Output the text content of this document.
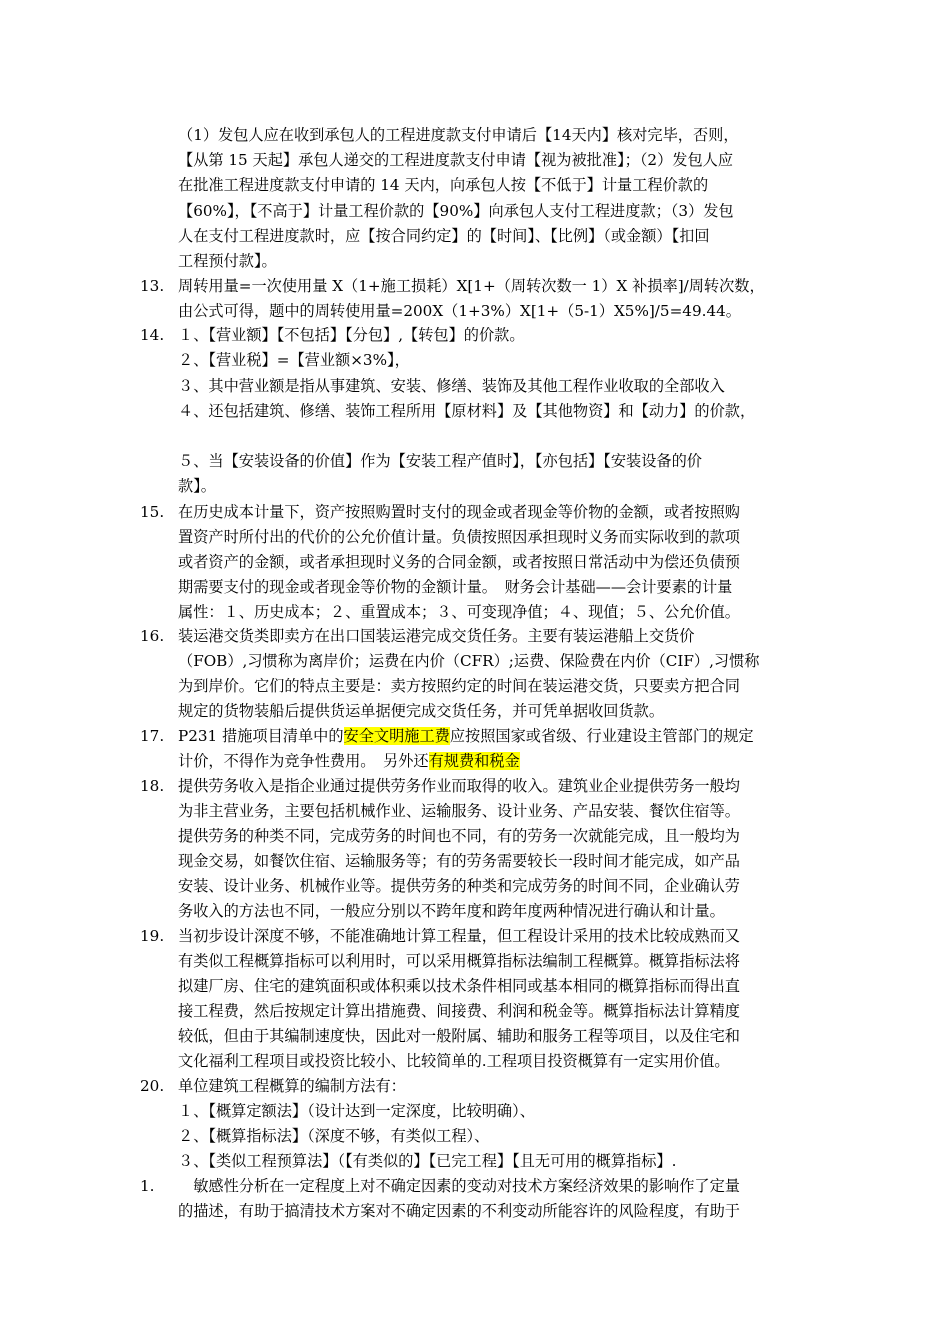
（1）发包人应在收到承包人的工程进度款支付申请后【14天内】核对完毕，否则，
【从第 15 天起】承包人递交的工程进度款支付申请【视为被批准】；（2）发包人应
在批准工程进度款支付申请的 14 天内，向承包人按【不低于】计量工程价款的
【60%】，【不高于】计量工程价款的【90%】向承包人支付工程进度款；（3）发包
人在支付工程进度款时，应【按合同约定】的【时间】、【比例】（或金额）【扣回
工程预付款】。
13. 周转用量=一次使用量 X（1+施工损耗）X[1+（周转次数一 1）X 补损率]/周转次数，
由公式可得，题中的周转使用量=200X（1+3%）X[1+（5-1）X5%]/5=49.44。
14. １、【营业额】【不包括】【分包】,【转包】的价款。
２、【营业税】=【营业额×3%】，
３、其中营业额是指从事建筑、安装、修缮、装饰及其他工程作业收取的全部收入
４、还包括建筑、修缮、装饰工程所用【原材料】及【其他物资】和【动力】的价款，
５、当【安装设备的价值】作为【安装工程产值时】，【亦包括】【安装设备的价
款】。
15. 在历史成本计量下，资产按照购置时支付的现金或者现金等价物的金额，或者按照购
置资产时所付出的代价的公允价值计量。负债按照因承担现时义务而实际收到的款项
或者资产的金额，或者承担现时义务的合同金额，或者按照日常活动中为偿还负债预
期需要支付的现金或者现金等价物的金额计量。　财务会计基础——会计要素的计量
属性：１、历史成本；２、重置成本；３、可变现净值；４、现值；５、公允价值。
16. 装运港交货类即卖方在出口国装运港完成交货任务。主要有装运港船上交货价
（FOB）,习惯称为离岸价；运费在内价（CFR）;运费、保险费在内价（CIF）,习惯称
为到岸价。它们的特点主要是：卖方按照约定的时间在装运港交货，只要卖方把合同
规定的货物装船后提供货运单据便完成交货任务，并可凭单据收回货款。
17. P231 措施项目清单中的安全文明施工费应按照国家或省级、行业建设主管部门的规定
计价，不得作为竞争性费用。　另外还有规费和税金
18. 提供劳务收入是指企业通过提供劳务作业而取得的收入。建筑业企业提供劳务一般均
为非主营业务，主要包括机械作业、运输服务、设计业务、产品安装、餐饮住宿等。
提供劳务的种类不同，完成劳务的时间也不同，有的劳务一次就能完成，且一般均为
现金交易，如餐饮住宿、运输服务等；有的劳务需要较长一段时间才能完成，如产品
安装、设计业务、机械作业等。提供劳务的种类和完成劳务的时间不同，企业确认劳
务收入的方法也不同，一般应分别以不跨年度和跨年度两种情况进行确认和计量。
19. 当初步设计深度不够，不能准确地计算工程量，但工程设计采用的技术比较成熟而又
有类似工程概算指标可以利用时，可以采用概算指标法编制工程概算。概算指标法将
拟建厂房、住宅的建筑面积或体积乘以技术条件相同或基本相同的概算指标而得出直
接工程费，然后按规定计算出措施费、间接费、利润和税金等。概算指标法计算精度
较低，但由于其编制速度快，因此对一般附属、辅助和服务工程等项目，以及住宅和
文化福利工程项目或投资比较小、比较简单的.工程项目投资概算有一定实用价值。
20. 单位建筑工程概算的编制方法有：
１、【概算定额法】（设计达到一定深度，比较明确）、
２、【概算指标法】（深度不够，有类似工程）、
３、【类似工程预算法】（【有类似的】【已完工程】【且无可用的概算指标】.
1. 　敏感性分析在一定程度上对不确定因素的变动对技术方案经济效果的影响作了定量
的描述，有助于搞清技术方案对不确定因素的不利变动所能容许的风险程度，有助于
